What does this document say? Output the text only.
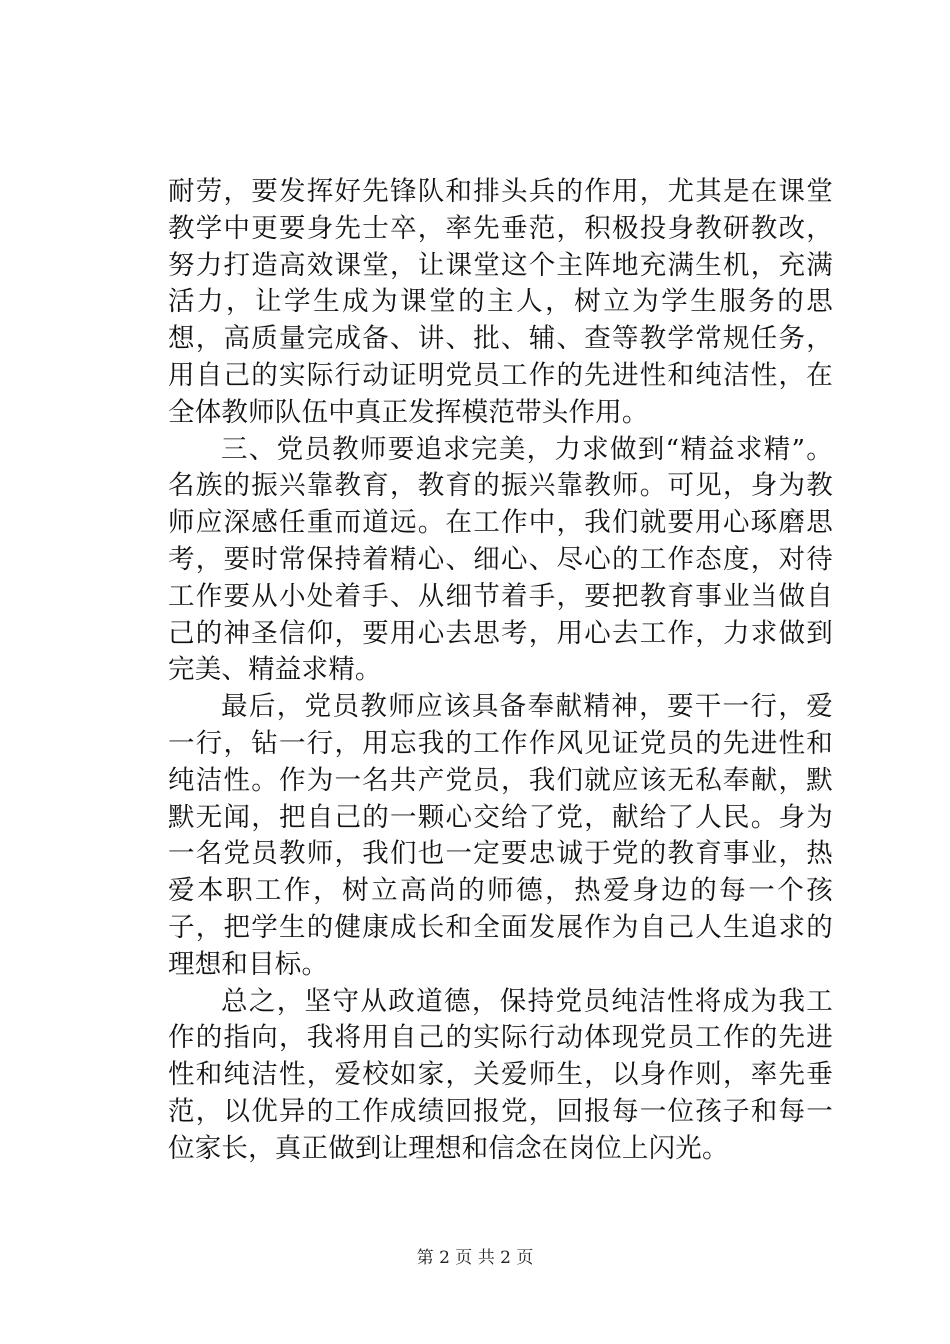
耐劳，要发挥好先锋队和排头兵的作用，尤其是在课堂教学中更要身先士卒，率先垂范，积极投身教研教改，努力打造高效课堂，让课堂这个主阵地充满生机，充满活力，让学生成为课堂的主人，树立为学生服务的思想，高质量完成备、讲、批、辅、查等教学常规任务，用自己的实际行动证明党员工作的先进性和纯洁性，在全体教师队伍中真正发挥模范带头作用。

三、党员教师要追求完美，力求做到“精益求精”。名族的振兴靠教育，教育的振兴靠教师。可见，身为教师应深感任重而道远。在工作中，我们就要用心琢磨思考，要时常保持着精心、细心、尽心的工作态度，对待工作要从小处着手、从细节着手，要把教育事业当做自己的神圣信仰，要用心去思考，用心去工作，力求做到完美、精益求精。

最后，党员教师应该具备奉献精神，要干一行，爱一行，钻一行，用忘我的工作作风见证党员的先进性和纯洁性。作为一名共产党员，我们就应该无私奉献，默默无闻，把自己的一颗心交给了党，献给了人民。身为一名党员教师，我们也一定要忠诚于党的教育事业，热爱本职工作，树立高尚的师德，热爱身边的每一个孩子，把学生的健康成长和全面发展作为自己人生追求的理想和目标。

总之，坚守从政道德，保持党员纯洁性将成为我工作的指向，我将用自己的实际行动体现党员工作的先进性和纯洁性，爱校如家，关爱师生，以身作则，率先垂范，以优异的工作成绩回报党，回报每一位孩子和每一位家长，真正做到让理想和信念在岗位上闪光。

第 2 页 共 2 页
